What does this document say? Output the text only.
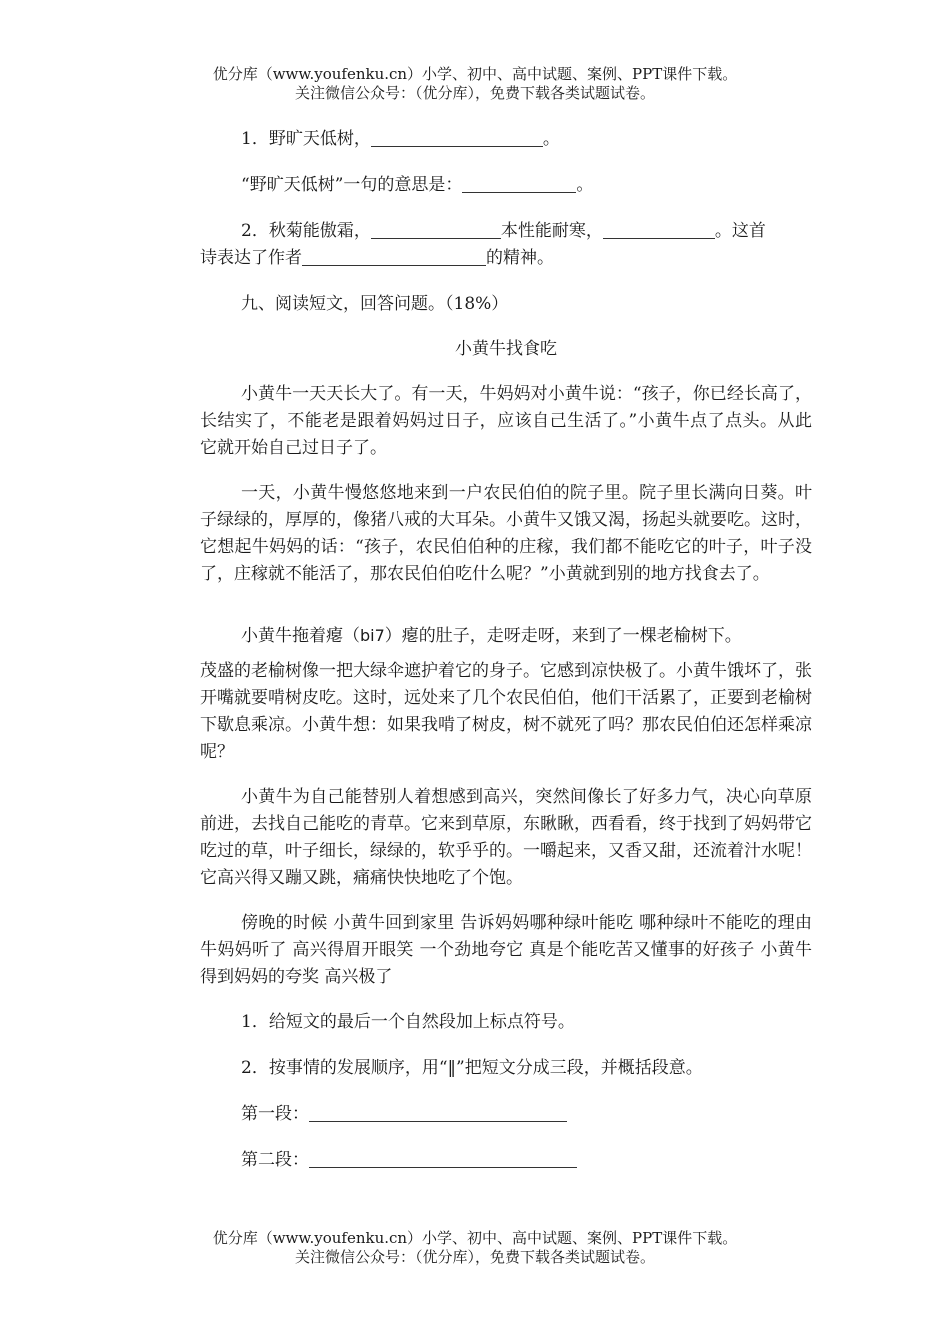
优分库（www.youfenku.cn）小学、初中、高中试题、案例、PPT课件下载。
关注微信公众号：（优分库），免费下载各类试题试卷。

1．野旷天低树，	。

“野旷天低树”一句的意思是：	。

2．秋菊能傲霜，	本性能耐寒，	。这首
诗表达了作者	的精神。

九、阅读短文，回答问题。（18%）

小黄牛找食吃

小黄牛一天天长大了。有一天，牛妈妈对小黄牛说：“孩子，你已经长高了，长结实了，不能老是跟着妈妈过日子，应该自己生活了。”小黄牛点了点头。从此它就开始自己过日子了。

一天，小黄牛慢悠悠地来到一户农民伯伯的院子里。院子里长满向日葵。叶子绿绿的，厚厚的，像猪八戒的大耳朵。小黄牛又饿又渴，扬起头就要吃。这时，它想起牛妈妈的话：“孩子，农民伯伯种的庄稼，我们都不能吃它的叶子，叶子没了，庄稼就不能活了，那农民伯伯吃什么呢？”小黄就到别的地方找食去了。

小黄牛拖着瘪（bi7）瘪的肚子，走呀走呀，来到了一棵老榆树下。

茂盛的老榆树像一把大绿伞遮护着它的身子。它感到凉快极了。小黄牛饿坏了，张开嘴就要啃树皮吃。这时，远处来了几个农民伯伯，他们干活累了，正要到老榆树下歇息乘凉。小黄牛想：如果我啃了树皮，树不就死了吗？那农民伯伯还怎样乘凉呢？

小黄牛为自己能替别人着想感到高兴，突然间像长了好多力气，决心向草原前进，去找自己能吃的青草。它来到草原，东瞅瞅，西看看，终于找到了妈妈带它吃过的草，叶子细长，绿绿的，软乎乎的。一嚼起来，又香又甜，还流着汁水呢！它高兴得又蹦又跳，痛痛快快地吃了个饱。

傍晚的时候 小黄牛回到家里 告诉妈妈哪种绿叶能吃 哪种绿叶不能吃的理由 牛妈妈听了 高兴得眉开眼笑 一个劲地夸它 真是个能吃苦又懂事的好孩子 小黄牛得到妈妈的夸奖 高兴极了

1．给短文的最后一个自然段加上标点符号。

2．按事情的发展顺序，用“‖”把短文分成三段，并概括段意。

第一段：

第二段：

优分库（www.youfenku.cn）小学、初中、高中试题、案例、PPT课件下载。
关注微信公众号：（优分库），免费下载各类试题试卷。
